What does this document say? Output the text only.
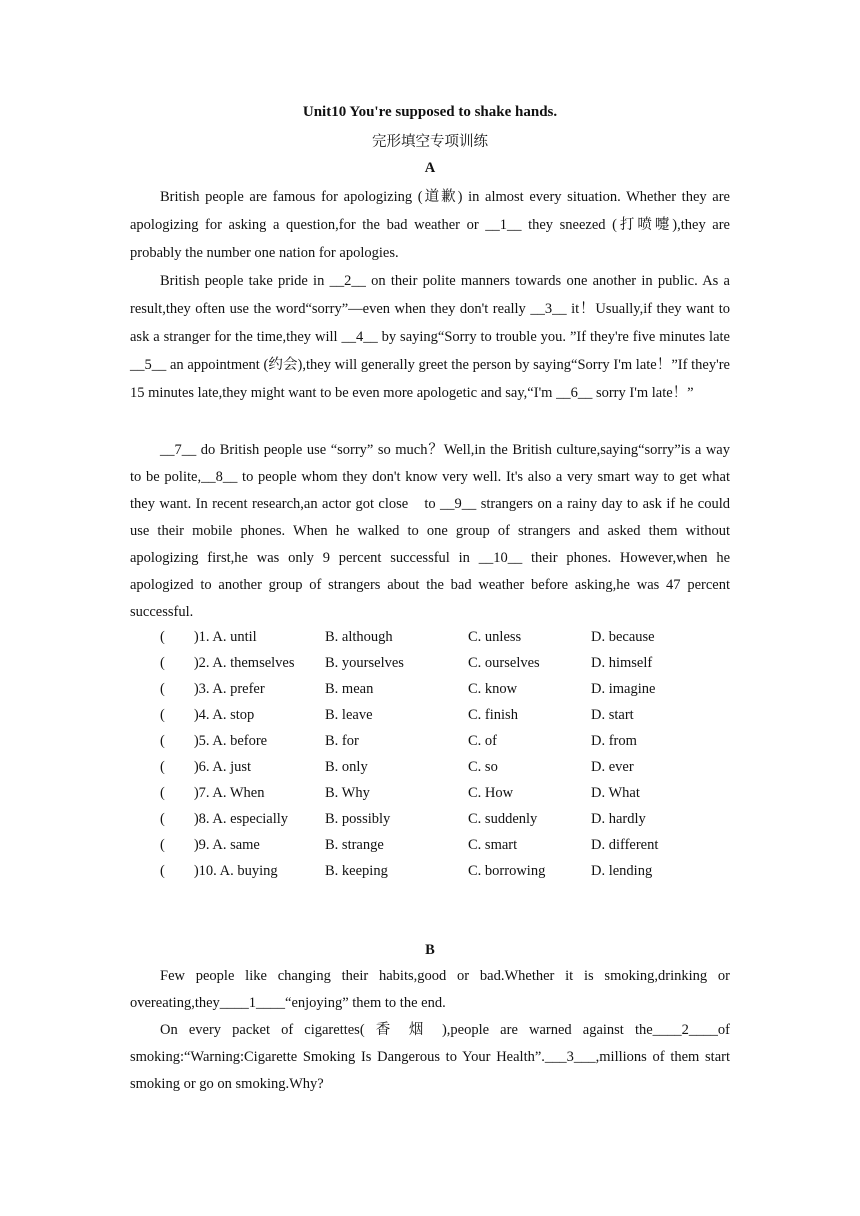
Unit10 You're supposed to shake hands.
完形填空专项训练
A
British people are famous for apologizing (道歉) in almost every situation. Whether they are apologizing for asking a question,for the bad weather or __1__ they sneezed (打喷嚏),they are probably the number one nation for apologies.
British people take pride in __2__ on their polite manners towards one another in public. As a result,they often use the word“sorry”—even when they don't really __3__ it！Usually,if they want to ask a stranger for the time,they will __4__ by saying“Sorry to trouble you. ”If they're five minutes late __5__ an appointment (约会),they will generally greet the person by saying“Sorry I'm late！”If they're 15 minutes late,they might want to be even more apologetic and say,“I'm __6__ sorry I'm late！”
__7__ do British people use “sorry” so much？Well,in the British culture,saying“sorry”is a way to be polite,__8__ to people whom they don't know very well. It's also a very smart way to get what they want. In recent research,an actor got close　to __9__ strangers on a rainy day to ask if he could use their mobile phones. When he walked to one group of strangers and asked them without apologizing first,he was only 9 percent successful in __10__ their phones. However,when he apologized to another group of strangers about the bad weather before asking,he was 47 percent successful.
(　　)1. A. until	B. although	C. unless	D. because
(　　)2. A. themselves B. yourselves	C. ourselves	D. himself
(　　)3. A. prefer	B. mean	C. know	D. imagine
(　　)4. A. stop	B. leave	C. finish	D. start
(　　)5. A. before	B. for	C. of	D. from
(　　)6. A. just	B. only	C. so	D. ever
(　　)7. A. When	B. Why	C. How	D. What
(　　)8. A. especially	B. possibly	C. suddenly	D. hardly
(　　)9. A. same	B. strange	C. smart	D. different
(　　)10. A. buying	B. keeping	C. borrowing	D. lending
B
Few people like changing their habits,good or bad.Whether it is smoking,drinking or overeating,they____1____“enjoying” them to the end.
On every packet of cigarettes( 香 烟 ),people are warned against the____2____of smoking:“Warning:Cigarette Smoking Is Dangerous to Your Health”.___3___,millions of them start smoking or go on smoking.Why?
